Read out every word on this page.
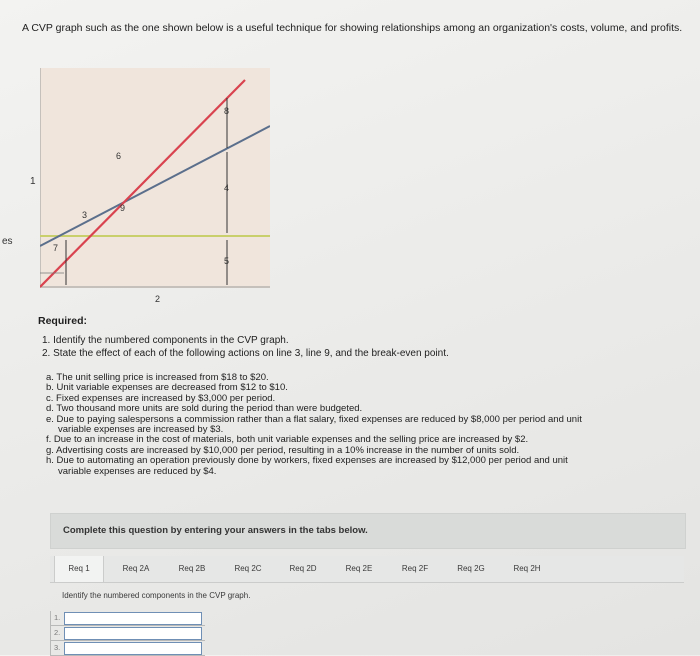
A CVP graph such as the one shown below is a useful technique for showing relationships among an organization's costs, volume, and profits.
es
1
3
6
9
8
4
5
7
2
Required:
1. Identify the numbered components in the CVP graph.
2. State the effect of each of the following actions on line 3, line 9, and the break-even point.
a. The unit selling price is increased from $18 to $20.
b. Unit variable expenses are decreased from $12 to $10.
c. Fixed expenses are increased by $3,000 per period.
d. Two thousand more units are sold during the period than were budgeted.
e. Due to paying salespersons a commission rather than a flat salary, fixed expenses are reduced by $8,000 per period and unit
variable expenses are increased by $3.
f. Due to an increase in the cost of materials, both unit variable expenses and the selling price are increased by $2.
g. Advertising costs are increased by $10,000 per period, resulting in a 10% increase in the number of units sold.
h. Due to automating an operation previously done by workers, fixed expenses are increased by $12,000 per period and unit
variable expenses are reduced by $4.
Complete this question by entering your answers in the tabs below.
Req 1	Req 2A	Req 2B	Req 2C	Req 2D	Req 2E	Req 2F	Req 2G	Req 2H
Identify the numbered components in the CVP graph.
1.
2.
3.
